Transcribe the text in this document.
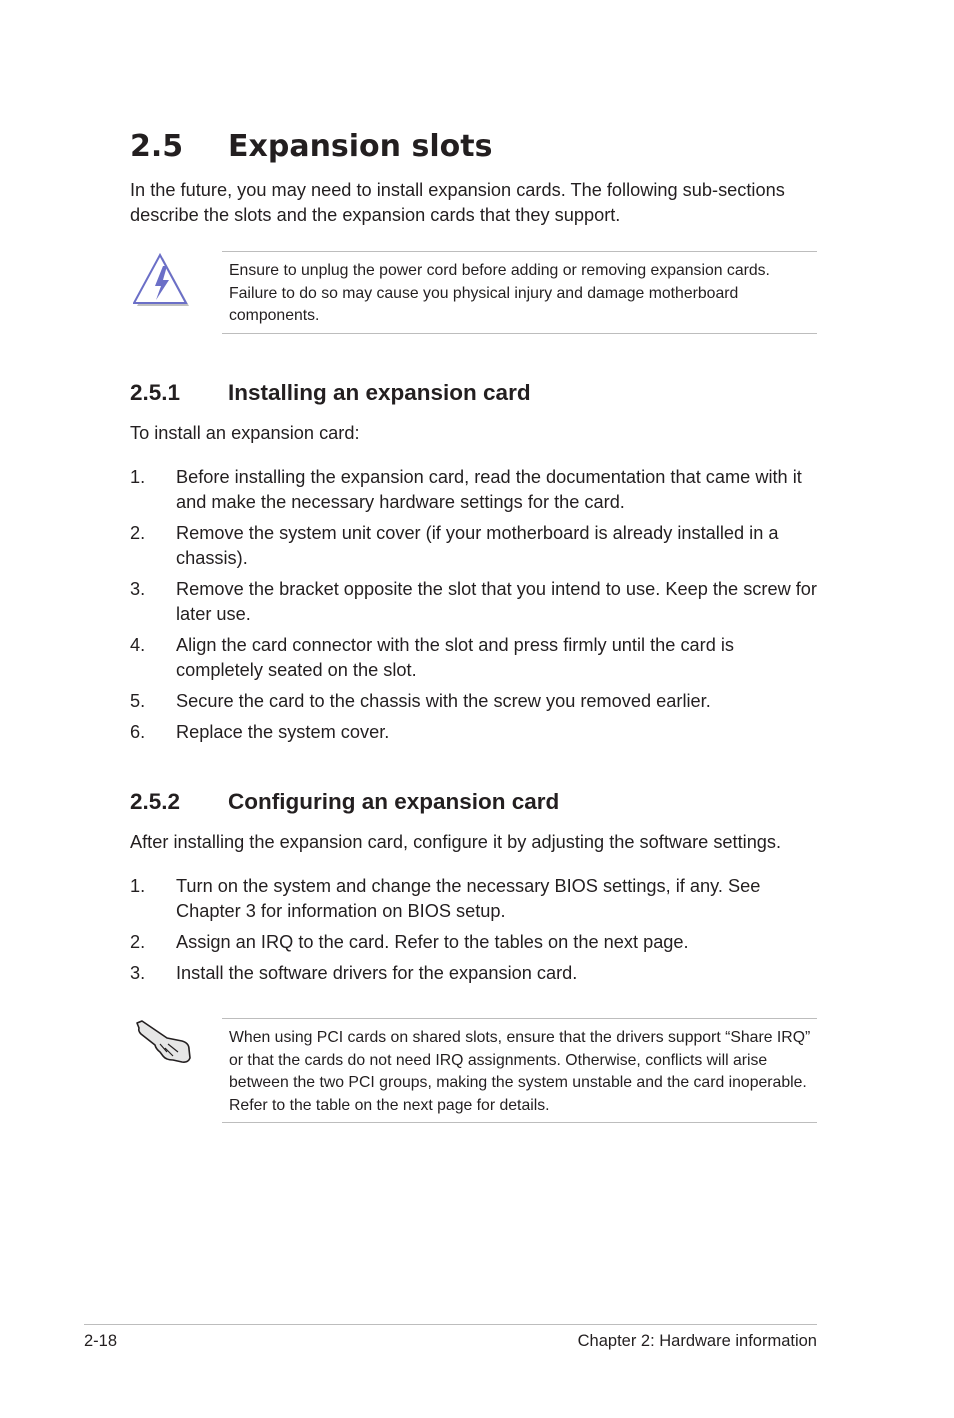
2.5 Expansion slots
In the future, you may need to install expansion cards. The following sub-sections describe the slots and the expansion cards that they support.
Ensure to unplug the power cord before adding or removing expansion cards. Failure to do so may cause you physical injury and damage motherboard components.
2.5.1 Installing an expansion card
To install an expansion card:
1. Before installing the expansion card, read the documentation that came with it and make the necessary hardware settings for the card.
2. Remove the system unit cover (if your motherboard is already installed in a chassis).
3. Remove the bracket opposite the slot that you intend to use. Keep the screw for later use.
4. Align the card connector with the slot and press firmly until the card is completely seated on the slot.
5. Secure the card to the chassis with the screw you removed earlier.
6. Replace the system cover.
2.5.2 Configuring an expansion card
After installing the expansion card, configure it by adjusting the software settings.
1. Turn on the system and change the necessary BIOS settings, if any. See Chapter 3 for information on BIOS setup.
2. Assign an IRQ to the card. Refer to the tables on the next page.
3. Install the software drivers for the expansion card.
When using PCI cards on shared slots, ensure that the drivers support “Share IRQ” or that the cards do not need IRQ assignments. Otherwise, conflicts will arise between the two PCI groups, making the system unstable and the card inoperable. Refer to the table on the next page for details.
2-18	Chapter 2: Hardware information
